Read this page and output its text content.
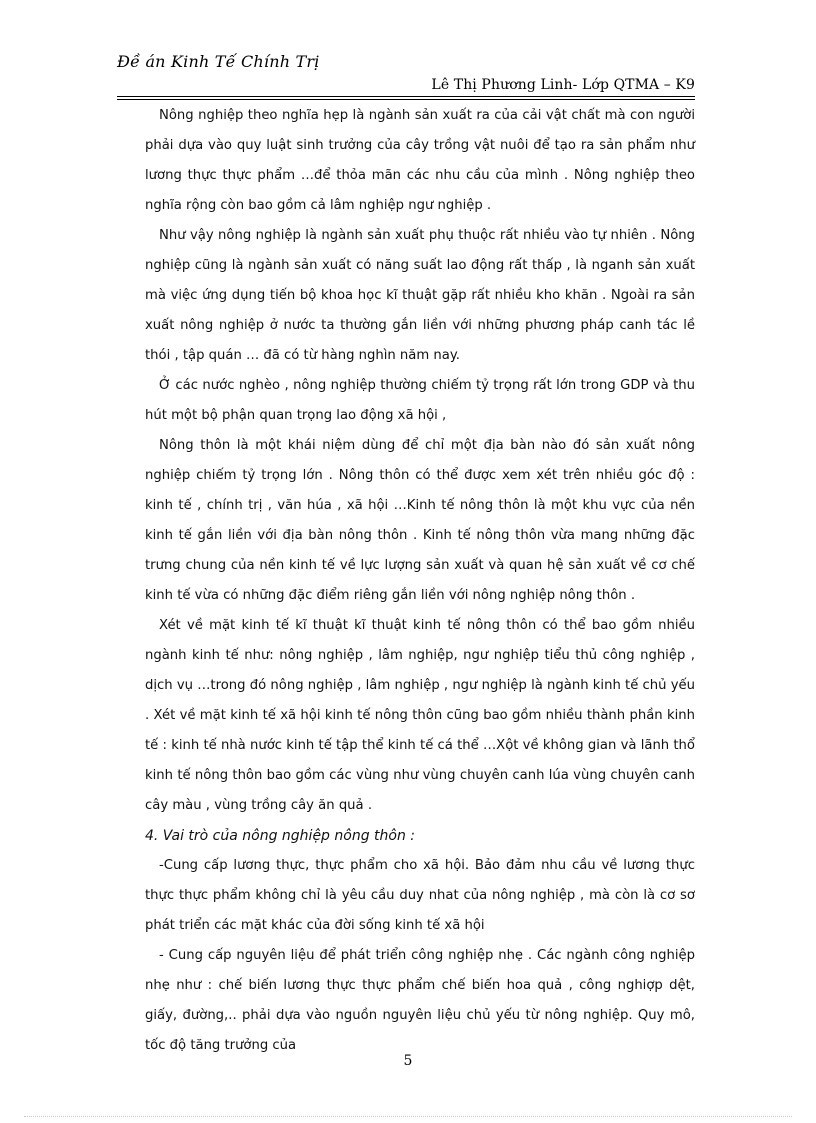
Đề án Kinh Tế Chính Trị
Lê Thị Phương Linh- Lớp QTMA – K9

Nông nghiệp theo nghĩa hẹp là ngành sản xuất ra của cải vật chất mà con người phải dựa vào quy luật sinh trưởng của cây trồng vật nuôi để tạo ra sản phẩm như lương thực thực phẩm …để thỏa mãn các nhu cầu của mình . Nông nghiệp theo nghĩa rộng còn bao gồm cả lâm nghiệp ngư nghiệp .

Như vậy nông nghiệp là ngành sản xuất phụ thuộc rất nhiều vào tự nhiên . Nông nghiệp cũng là ngành sản xuất có năng suất lao động rất thấp , là nganh sản xuất mà việc ứng dụng tiến bộ khoa học kĩ thuật gặp rất nhiều kho khăn . Ngoài ra sản xuất nông nghiệp ở nước ta thường gắn liền với những phương pháp canh tác lề thói , tập quán … đã có từ hàng nghìn năm nay.

Ở các nước nghèo , nông nghiệp thường chiếm tỷ trọng rất lớn trong GDP và thu hút một bộ phận quan trọng lao động xã hội ,

Nông thôn là một khái niệm dùng để chỉ một địa bàn nào đó sản xuất nông nghiệp chiếm tỷ trọng lớn . Nông thôn có thể được xem xét trên nhiều góc độ : kinh tế , chính trị , văn húa , xã hội …Kinh tế nông thôn là một khu vực của nền kinh tế gắn liền với địa bàn nông thôn . Kinh tế nông thôn vừa mang những đặc trưng chung của nền kinh tế về lực lượng sản xuất và quan hệ sản xuất về cơ chế kinh tế vừa có những đặc điểm riêng gắn liền với nông nghiệp nông thôn .

Xét về mặt kinh tế kĩ thuật kĩ thuật kinh tế nông thôn có thể bao gồm nhiều ngành kinh tế như: nông nghiệp , lâm nghiệp, ngư nghiệp tiểu thủ công nghiệp , dịch vụ …trong đó nông nghiệp , lâm nghiệp , ngư nghiệp là ngành kinh tế chủ yếu . Xét về mặt kinh tế xã hội kinh tế nông thôn cũng bao gồm nhiều thành phần kinh tế : kinh tế nhà nước kinh tế tập thể kinh tế cá thể …Xột về không gian và lãnh thổ kinh tế nông thôn bao gồm các vùng như vùng chuyên canh lúa vùng chuyên canh cây màu , vùng trồng cây ăn quả .

4. Vai trò của nông nghiệp nông thôn :

-Cung cấp lương thực, thực phẩm cho xã hội. Bảo đảm nhu cầu về lương thực thực thực phẩm không chỉ là yêu cầu duy nhat của nông nghiệp , mà còn là cơ sơ phát triển các mặt khác của đời sống kinh tế xã hội

- Cung cấp nguyên liệu để phát triển công nghiệp nhẹ . Các ngành công nghiệp nhẹ như : chế biến lương thực thực phẩm chế biến hoa quả , công nghiợp dệt, giấy, đường,.. phải dựa vào nguồn nguyên liệu chủ yếu từ nông nghiệp. Quy mô, tốc độ tăng trưởng của

5
